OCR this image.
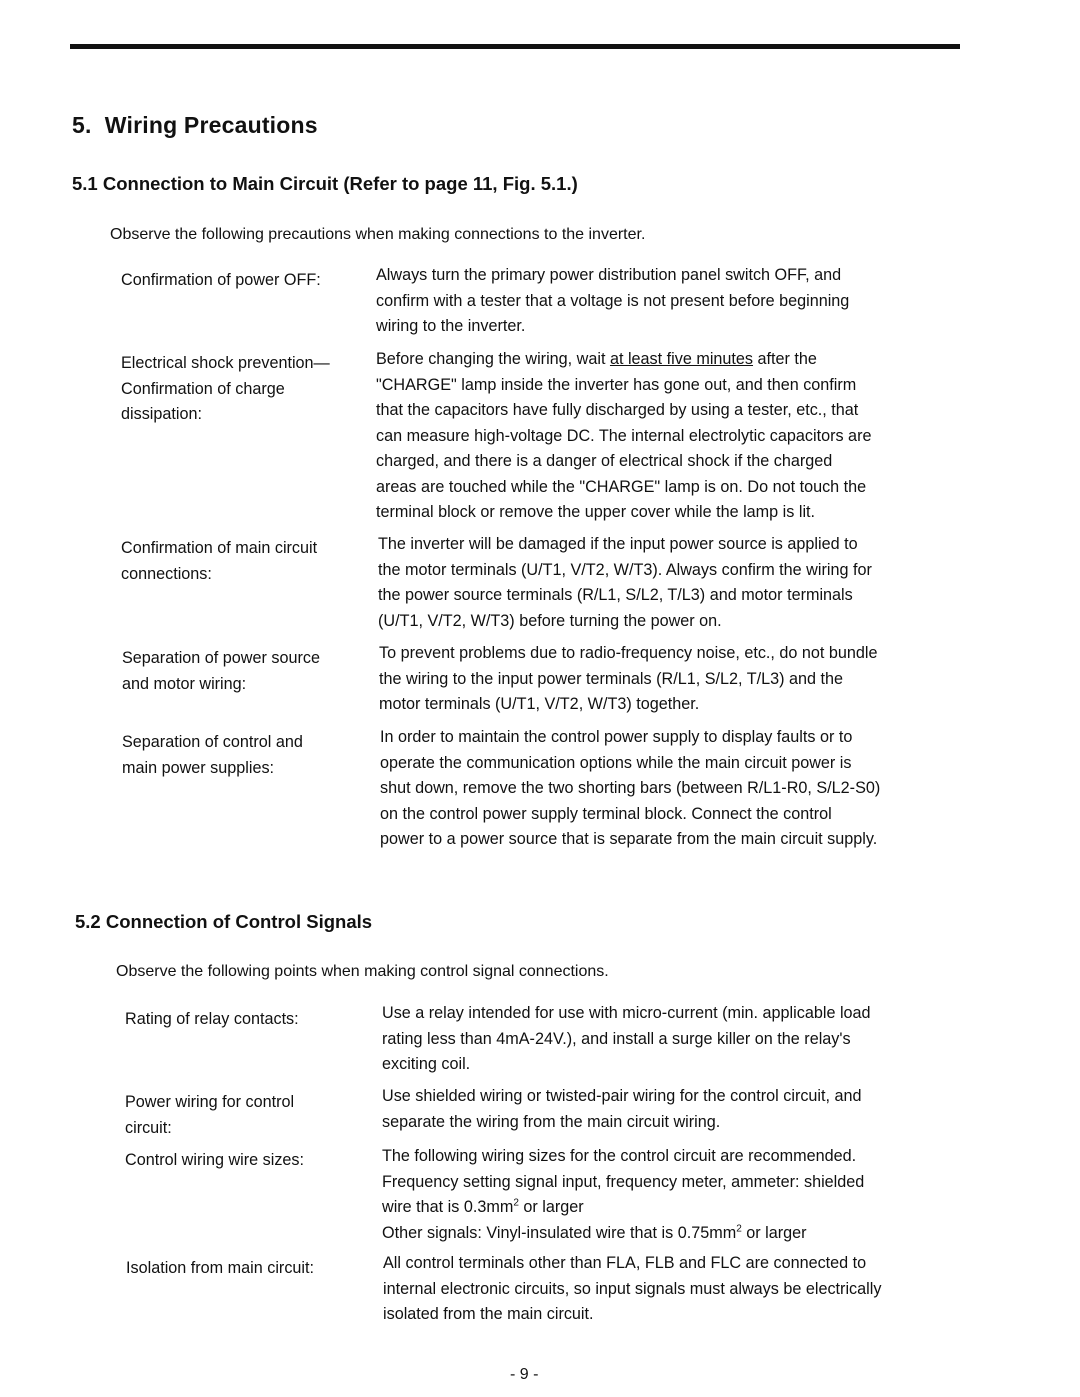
5. Wiring Precautions
5.1 Connection to Main Circuit (Refer to page 11, Fig. 5.1.)
Observe the following precautions when making connections to the inverter.
Confirmation of power OFF:	Always turn the primary power distribution panel switch OFF, and
confirm with a tester that a voltage is not present before beginning
wiring to the inverter.
Electrical shock prevention—
Confirmation of charge
dissipation:
Before changing the wiring, wait at least five minutes after the
"CHARGE" lamp inside the inverter has gone out, and then confirm
that the capacitors have fully discharged by using a tester, etc., that
can measure high-voltage DC. The internal electrolytic capacitors are
charged, and there is a danger of electrical shock if the charged
areas are touched while the "CHARGE" lamp is on. Do not touch the
terminal block or remove the upper cover while the lamp is lit.
Confirmation of main circuit
connections:
The inverter will be damaged if the input power source is applied to
the motor terminals (U/T1, V/T2, W/T3). Always confirm the wiring for
the power source terminals (R/L1, S/L2, T/L3) and motor terminals
(U/T1, V/T2, W/T3) before turning the power on.
Separation of power source
and motor wiring:
To prevent problems due to radio-frequency noise, etc., do not bundle
the wiring to the input power terminals (R/L1, S/L2, T/L3) and the
motor terminals (U/T1, V/T2, W/T3) together.
Separation of control and
main power supplies:
In order to maintain the control power supply to display faults or to
operate the communication options while the main circuit power is
shut down, remove the two shorting bars (between R/L1-R0, S/L2-S0)
on the control power supply terminal block. Connect the control
power to a power source that is separate from the main circuit supply.
5.2 Connection of Control Signals
Observe the following points when making control signal connections.
Rating of relay contacts:	Use a relay intended for use with micro-current (min. applicable load
rating less than 4mA-24V.), and install a surge killer on the relay's
exciting coil.
Power wiring for control
circuit:
Use shielded wiring or twisted-pair wiring for the control circuit, and
separate the wiring from the main circuit wiring.
Control wiring wire sizes:	The following wiring sizes for the control circuit are recommended.
Frequency setting signal input, frequency meter, ammeter: shielded
wire that is $0.3mm^2$ or larger
Other signals: Vinyl-insulated wire that is $0.75mm^2$ or larger
Isolation from main circuit:	All control terminals other than FLA, FLB and FLC are connected to
internal electronic circuits, so input signals must always be electrically
isolated from the main circuit.
- 9 -
